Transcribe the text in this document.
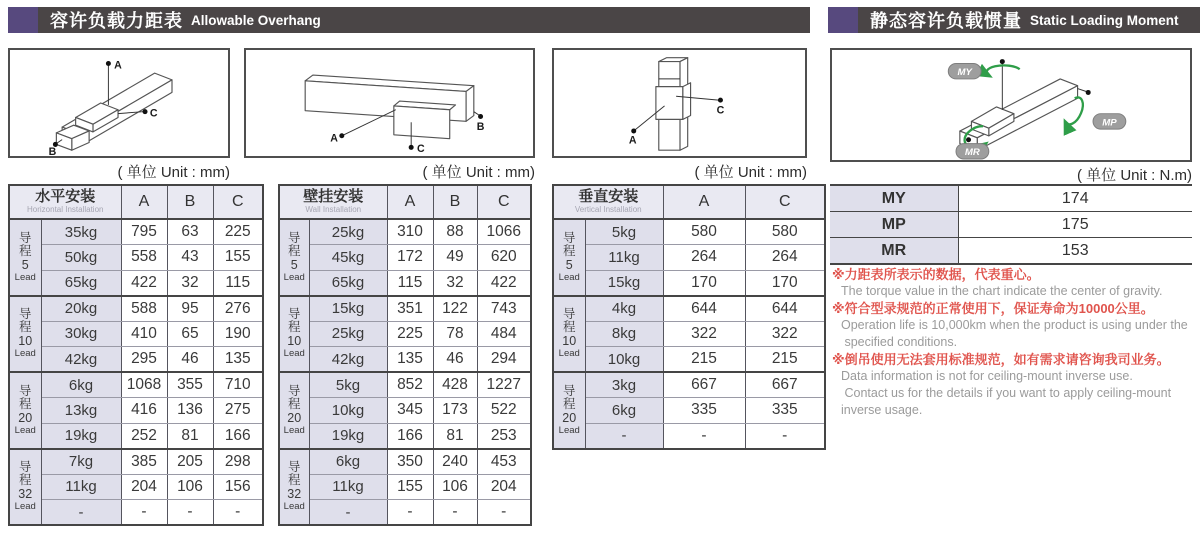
容许负载力距表 Allowable Overhang	静态容许负载惯量 Static Loading Moment
A
C
B
A
C
B
A
C
MY
MP
MR
( 单位 Unit : mm)	( 单位 Unit : mm)	( 单位 Unit : mm)	( 单位 Unit : N.m)
水平安装
Horizontal Installation		A	B	C

导
程
5
Lead	35kg	795	63	225
	50kg	558	43	155
	65kg	422	32	115

导
程
10
Lead	20kg	588	95	276
	30kg	410	65	190
	42kg	295	46	135

导
程
20
Lead	6kg	1068	355	710
	13kg	416	136	275
	19kg	252	81	166

导
程
32
Lead	7kg	385	205	298
	11kg	204	106	156
	-	-	-	-
壁挂安装
Wall Installation		A	B	C

导
程
5
Lead	25kg	310	88	1066
	45kg	172	49	620
	65kg	115	32	422

导
程
10
Lead	15kg	351	122	743
	25kg	225	78	484
	42kg	135	46	294

导
程
20
Lead	5kg	852	428	1227
	10kg	345	173	522
	19kg	166	81	253

导
程
32
Lead	6kg	350	240	453
	11kg	155	106	204
	-	-	-	-
垂直安装
Vertical Installation		A	C

导
程
5
Lead	5kg	580	580
	11kg	264	264
	15kg	170	170

导
程
10
Lead	4kg	644	644
	8kg	322	322
	10kg	215	215

导
程
20
Lead	3kg	667	667
	6kg	335	335
	-	-	-
MY	174
MP	175
MR	153
※力距表所表示的数据，代表重心。
The torque value in the chart indicate the center of gravity.
※符合型录规范的正常使用下，保证寿命为10000公里。
Operation life is 10,000km when the product is using under the
specified conditions.
※倒吊使用无法套用标准规范，如有需求请咨询我司业务。
Data information is not for ceiling-mount inverse use.
Contact us for the details if you want to apply ceiling-mount
inverse usage.
